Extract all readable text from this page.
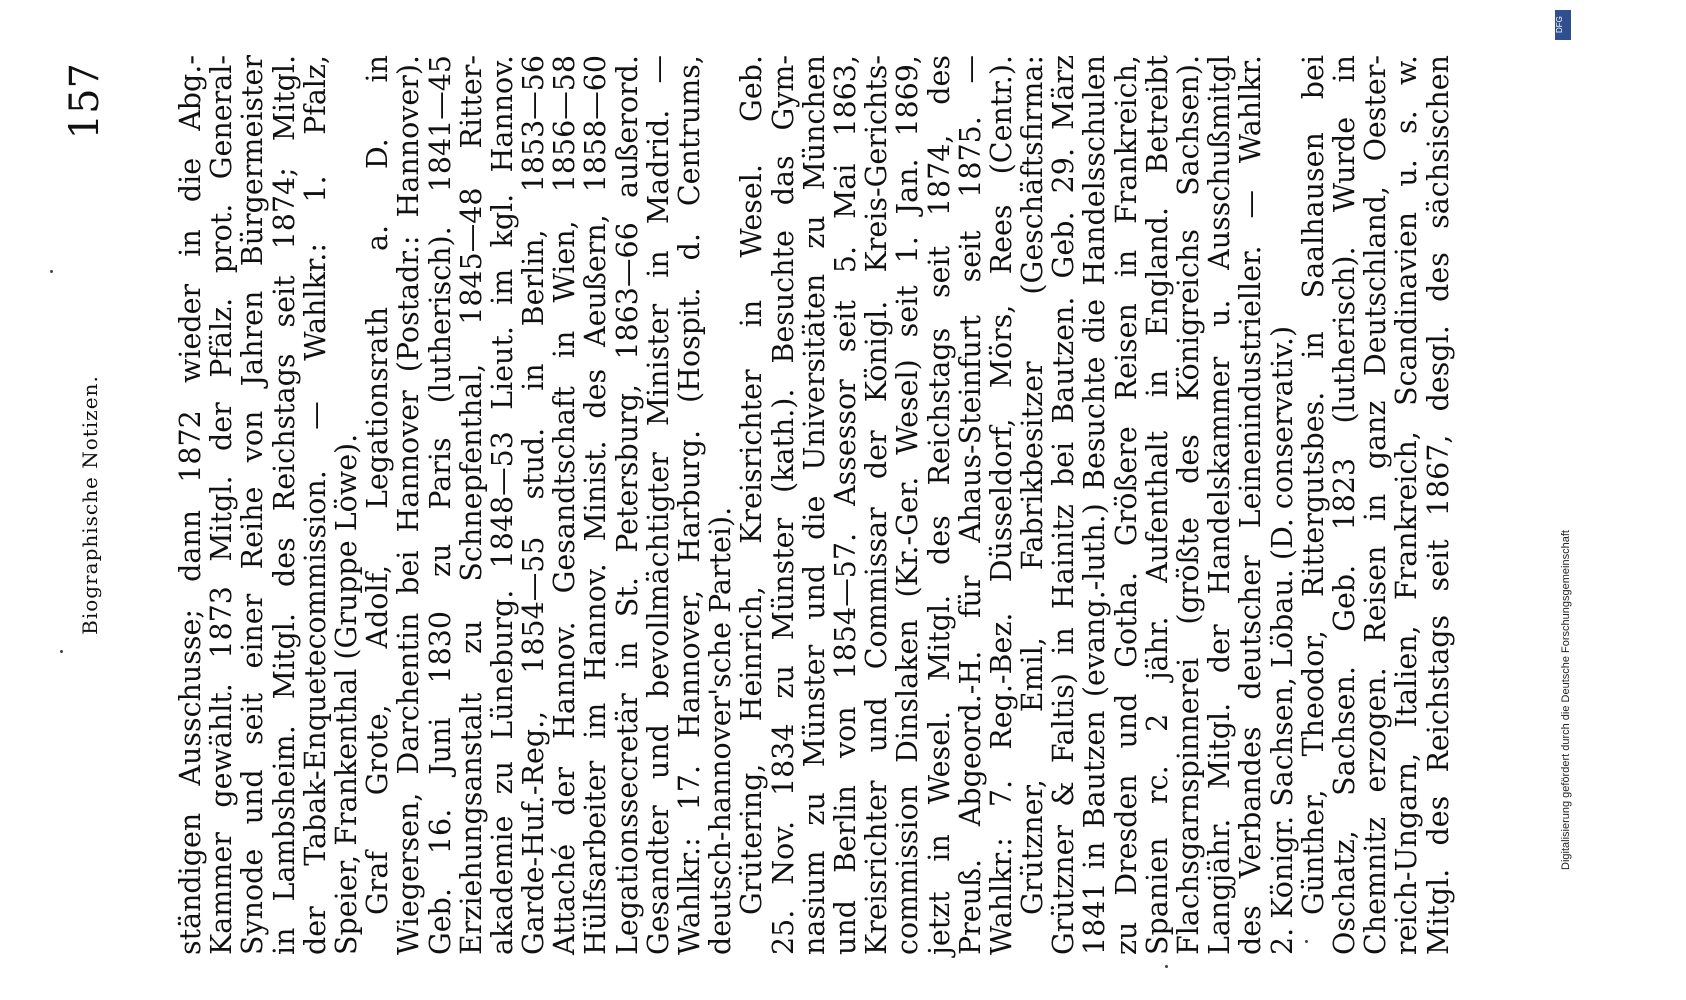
Biographische Notizen.
157 ständigen Ausschusse; dann 1872 wieder in die Abg.-
Kammer gewählt. 1873 Mitgl. der Pfälz. prot. General-
Synode und seit einer Reihe von Jahren Bürgermeister
in Lambsheim. Mitgl. des Reichstags seit 1874; Mitgl.
der Tabak-Enquetecommission. — Wahlkr.: 1. Pfalz,
Speier, Frankenthal (Gruppe Löwe).
Graf Grote, Adolf, Legationsrath a. D. in
Wiegersen, Darchentin bei Hannover (Postadr.: Hannover).
Geb. 16. Juni 1830 zu Paris (lutherisch). 1841—45
Erziehungsanstalt zu Schnepfenthal, 1845—48 Ritter-
akademie zu Lüneburg. 1848—53 Lieut. im kgl. Hannov.
Garde-Huf.-Reg., 1854—55 stud. in Berlin, 1853—56
Attaché der Hannov. Gesandtschaft in Wien, 1856—58
Hülfsarbeiter im Hannov. Minist. des Aeußern, 1858—60
Legationssecretär in St. Petersburg, 1863—66 außerord.
Gesandter und bevollmächtigter Minister in Madrid. —
Wahlkr.: 17. Hannover, Harburg. (Hospit. d. Centrums,
deutsch-hannover'sche Partei).
Grütering, Heinrich, Kreisrichter in Wesel. Geb.
25. Nov. 1834 zu Münster (kath.). Besuchte das Gym-
nasium zu Münster und die Universitäten zu München
und Berlin von 1854—57. Assessor seit 5. Mai 1863,
Kreisrichter und Commissar der Königl. Kreis-Gerichts-
commission Dinslaken (Kr.-Ger. Wesel) seit 1. Jan. 1869,
jetzt in Wesel. Mitgl. des Reichstags seit 1874, des
Preuß. Abgeord.-H. für Ahaus-Steinfurt seit 1875. —
Wahlkr.: 7. Reg.-Bez. Düsseldorf, Mörs, Rees (Centr.).
Grützner, Emil, Fabrikbesitzer (Geschäftsfirma:
Grützner & Faltis) in Hainitz bei Bautzen. Geb. 29. März
1841 in Bautzen (evang.-luth.) Besuchte die Handelsschulen
zu Dresden und Gotha. Größere Reisen in Frankreich,
Spanien rc. 2 jähr. Aufenthalt in England. Betreibt
Flachsgarnspinnerei (größte des Königreichs Sachsen).
Langjähr. Mitgl. der Handelskammer u. Ausschußmitgl
des Verbandes deutscher Leinenindustrieller. — Wahlkr.
2. Königr. Sachsen, Löbau. (D. conservativ.)
Günther, Theodor, Rittergutsbes. in Saalhausen bei
Oschatz, Sachsen. Geb. 1823 (lutherisch). Wurde in
Chemnitz erzogen. Reisen in ganz Deutschland, Oester-
reich-Ungarn, Italien, Frankreich, Scandinavien u. s. w.
Mitgl. des Reichstags seit 1867, desgl. des sächsischen
DFG
Digitalisierung gefördert durch die Deutsche Forschungsgemeinschaft
